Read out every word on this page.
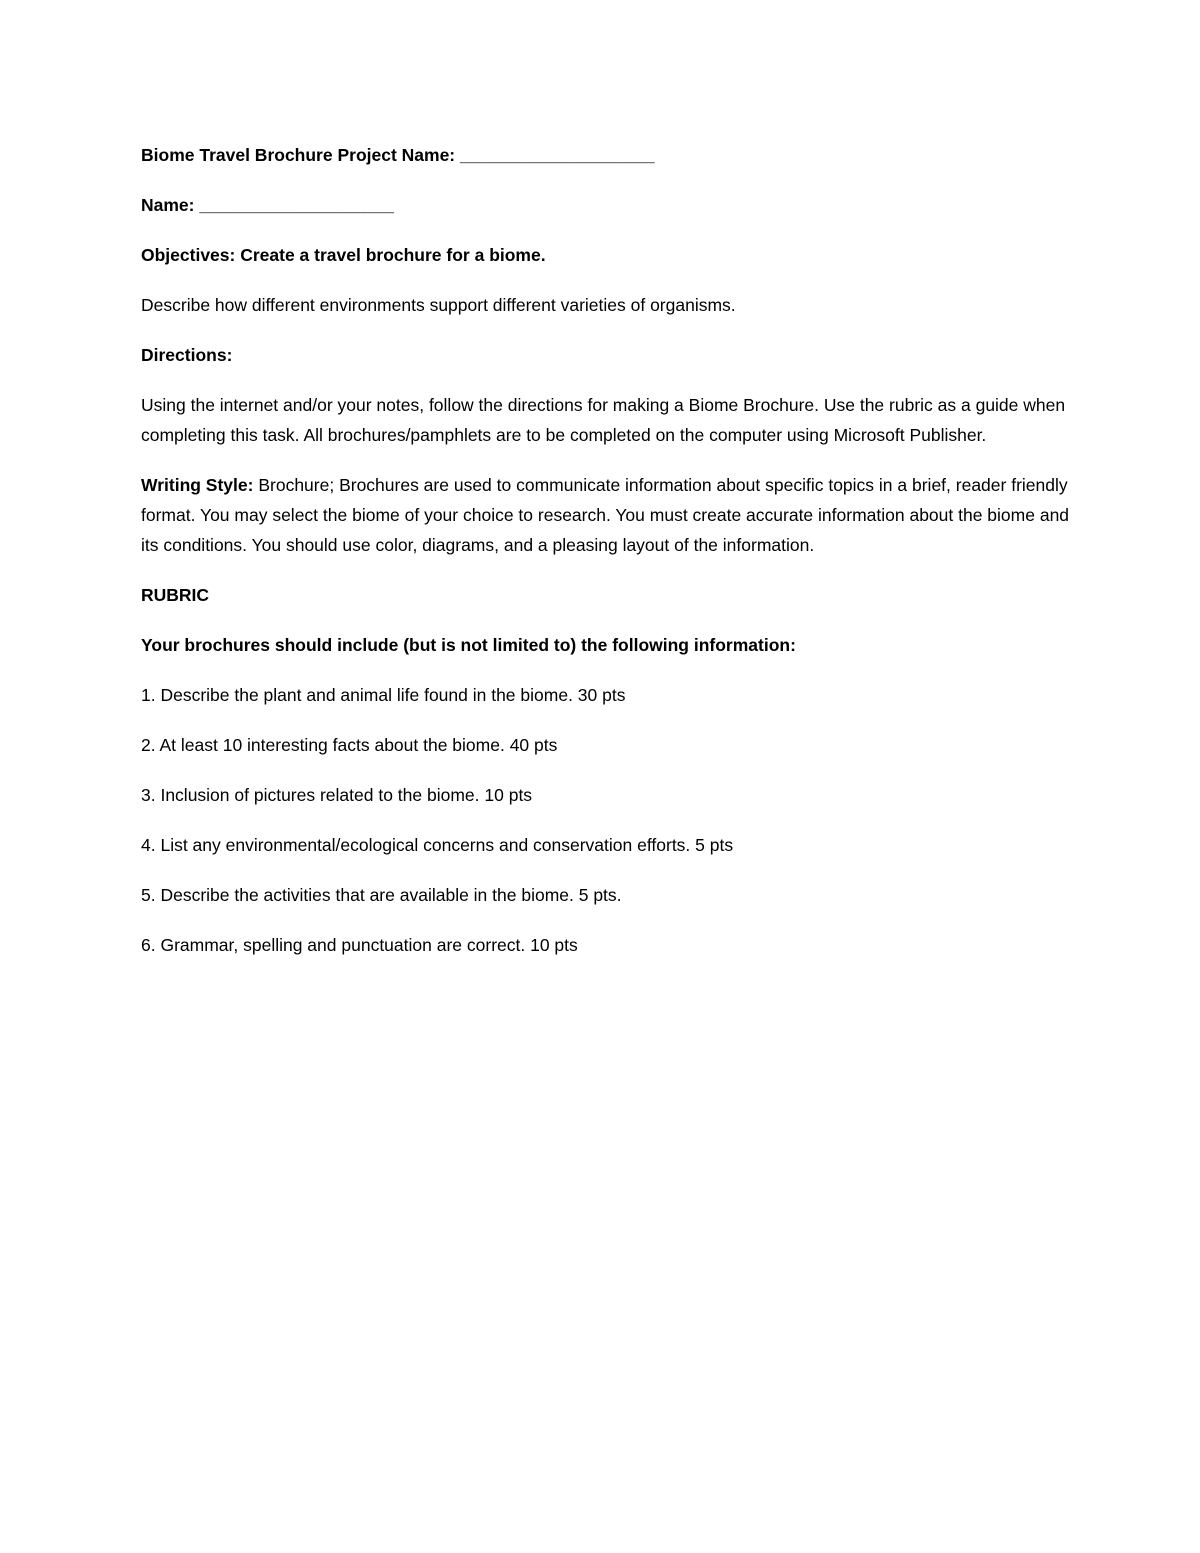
Biome Travel Brochure Project Name: ____________________

Name: ____________________

Objectives: Create a travel brochure for a biome.

Describe how different environments support different varieties of organisms.

Directions:

Using the internet and/or your notes, follow the directions for making a Biome Brochure. Use the rubric as a guide when completing this task. All brochures/pamphlets are to be completed on the computer using Microsoft Publisher.

Writing Style: Brochure; Brochures are used to communicate information about specific topics in a brief, reader friendly format. You may select the biome of your choice to research. You must create accurate information about the biome and its conditions. You should use color, diagrams, and a pleasing layout of the information.

RUBRIC

Your brochures should include (but is not limited to) the following information:

1. Describe the plant and animal life found in the biome. 30 pts

2. At least 10 interesting facts about the biome. 40 pts

3. Inclusion of pictures related to the biome. 10 pts

4. List any environmental/ecological concerns and conservation efforts. 5 pts

5. Describe the activities that are available in the biome. 5 pts.

6. Grammar, spelling and punctuation are correct. 10 pts
